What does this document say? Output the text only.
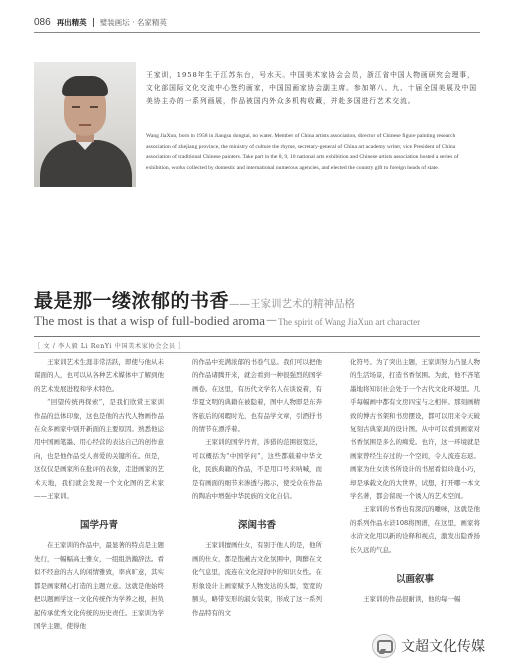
086 再出精英 璧装画坛 · 名家精英
王家训，1958年生于江苏东台，号水天。中国美术家协会会员，浙江省中国人物画研究会理事，文化部国际文化交流中心签约画家，中国国画家协会副主席。参加第八、九、十届全国美展及中国美协主办的一系列画展，作品被国内外众多机构收藏，并赴多国进行艺术交流。
Wang JiaXun, born in 1958 in Jiangsu dongtai, no water. Member of China artists association, director of Chinese figure painting research association of zhejiang province, the ministry of culture the rhyme, secretary-general of China art academy writer, vice President of China association of traditional Chinese painters. Take part in the 8, 9, 10 national arts exhibition and Chinese artists association hosted a series of exhibition, works collected by domestic and international numerous agencies, and elected the country gift to foreign heads of state.
最是那一缕浓郁的书香——王家训艺术的精神品格
The most is that a wisp of full-bodied aroma－The spirit of Wang JiaXun art character
［ 文 / 李人毅 Li RenYi 中国美术家协会会员 ］

王家训艺术生涯非常活跃，即使与他从未谋面的人，也可以从各种艺术媒体中了解到他的艺术发展进程和学术特色。

“回望传统再探索”，是我们欣赏王家训作品的总体印象，这也是他的古代人物画作品在众多画家中别开新面的主要原因。熟悉他运用中国画笔墨、用心经营的表达自己的创作意向，也是他作品受人喜爱的关键所在。但是，这仅仅是画家所在批评的表象，走进画家的艺术天地，我们就会发现一个文化图的艺术家——王家训。

国学丹青

在王家训的作品中，最显著的特点是主题先行，一幅幅高士雅女，一组组浩瀚辞法。看似不经意的古人的闲情雅致，率真旷意，其实都是画家精心打造的主题立意。这就是他始终把以题画学这一文化传统作为学养之根，担负起传承优秀文化传统的历史责任。王家训为学国学主题，使得他

的作品中充满浓郁的书卷气息。我们可以把他的作品诸腾开来，就会看到一种很强烈的国学画卷。在这里，有历代文学名人在谈说着，有华夏文明的典籍在被隐着，图中人物即是东奔客旅后的闲暇时光，也有品学文章，引酒抒书的情节在漂浮着。

王家训的国学丹青，涉猎的范围很宽泛，可以概括为“中国学问”，这些都载着中华文化，民族典籍的作品，不是用口号来呐喊，而是有画面的细节来渗透与揭示，使受众在作品的陶冶中增强中华民族的文化自信。

深闺书香

王家训擅画仕女，有别于他人的是，他所画的仕女，都是饱蘸古文化氛围中，陶醉在文化气息里，流连在文化浸润中的知识女性。在形象设计上画家赋予人物发达的头髻，宽宽的额头，略带安形的淑女装束，形成了这一系列作品特有的文

化符号。为了突出主题，王家训努力凸显人物的生活场景，打造书香氛围。为此，他不吝笔墨地将知识社会处于一个古代文化环境里。几乎每幅画中都有文房四宝与之相伴。那刻画精致的博古书架和书房摆设，都可以用来令天破复刻古典家具的设计图。从中可以看到画家对书香氛围是多么的痴爱。也许，这一环境就是画家曾经生存过的一个空间，令人流连忘返。画家为仕女读书所设计的书屋看似玲珑小巧，却是承载文化的大世界，试想，打开哪一本文学名著，都会留现一个诱人的艺术空间。

王家训的书香也有深沉的雕味，这就是他的系列作品水浒108将图谱，在这里，画家将水浒文化用以新的诠释和视点，激发出隐香扬长久远的气息。

以画叙事

王家训的作品很耐读，他的每一幅

文超文化传媒
